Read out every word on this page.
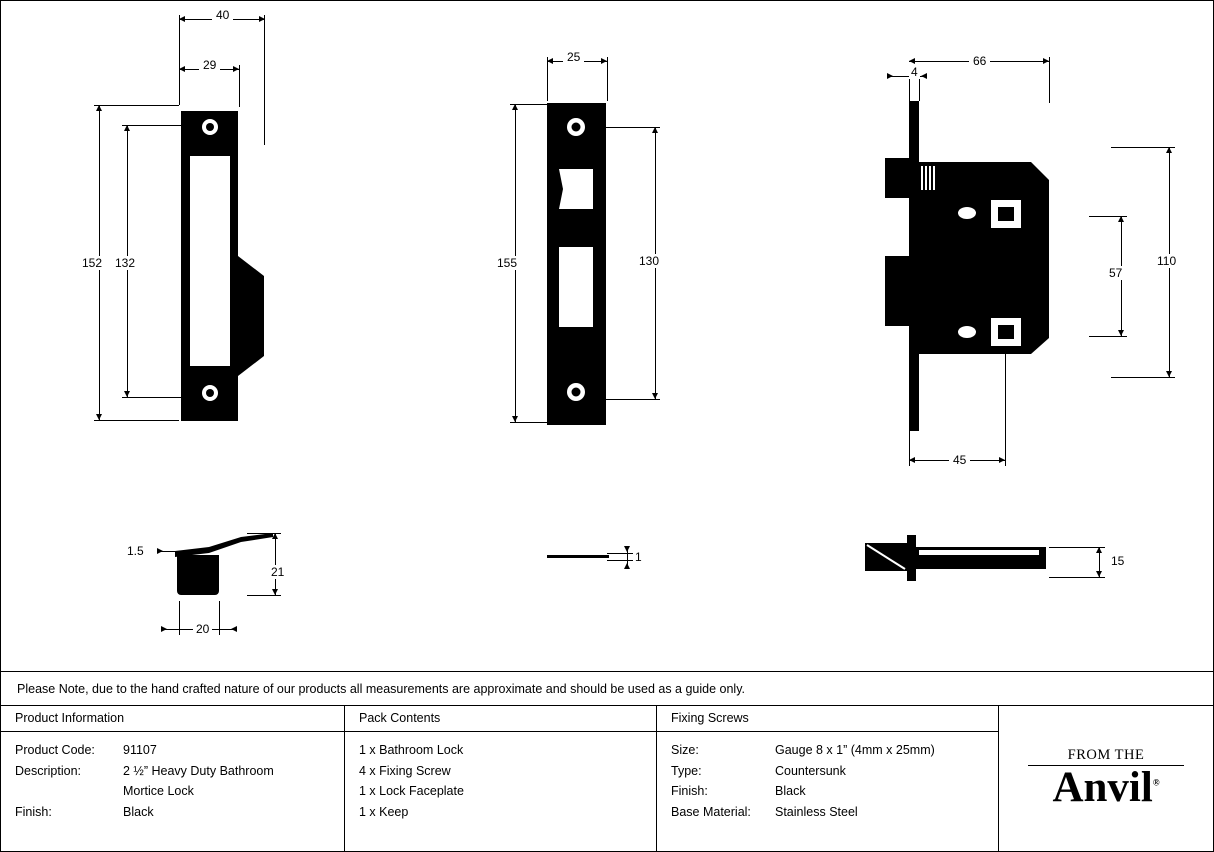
40
29
152 132
25
155	130
4
66
110
57
45
1.5
21
20
1	15
Please Note, due to the hand crafted nature of our products all measurements are approximate and should be used as a guide only.
Product Information
Product Code:	91107
Description:	2 ½” Heavy Duty Bathroom
Mortice Lock
Finish:	Black
Pack Contents
1 x Bathroom Lock
4 x Fixing Screw
1 x Lock Faceplate
1 x Keep
Fixing Screws
Size:	Gauge 8 x 1” (4mm x 25mm)
Type:	Countersunk
Finish:	Black
Base Material:	Stainless Steel
FROM THE
Anvil®
